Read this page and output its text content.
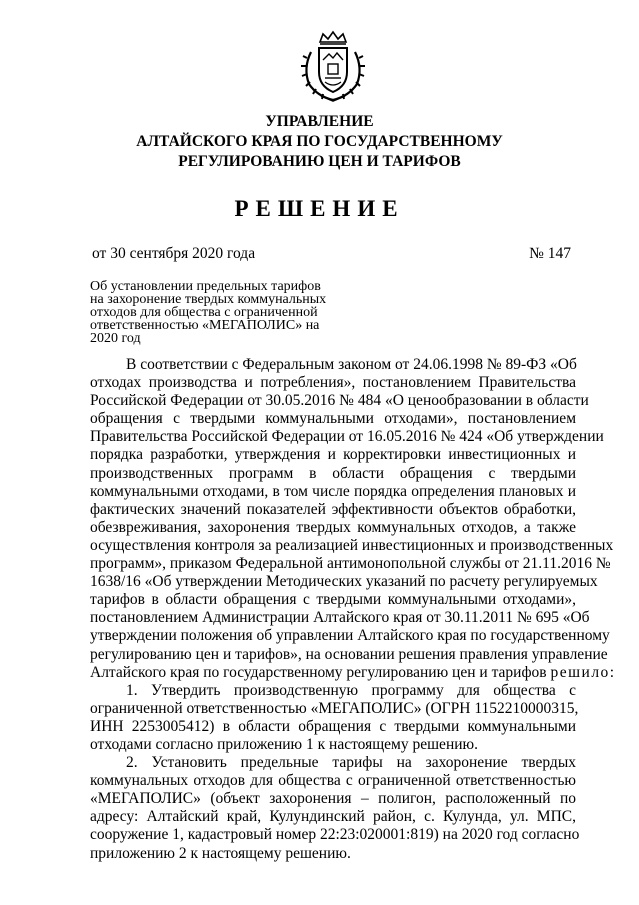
УПРАВЛЕНИЕ
АЛТАЙСКОГО КРАЯ ПО ГОСУДАРСТВЕННОМУ
РЕГУЛИРОВАНИЮ ЦЕН И ТАРИФОВ
РЕШЕНИЕ
от 30 сентября 2020 года	№ 147
Об установлении предельных тарифов
на захоронение твердых коммунальных
отходов для общества с ограниченной
ответственностью «МЕГАПОЛИС» на
2020 год
В соответствии с Федеральным законом от 24.06.1998 № 89-ФЗ «Об
отходах производства и потребления», постановлением Правительства
Российской Федерации от 30.05.2016 № 484 «О ценообразовании в области
обращения с твердыми коммунальными отходами», постановлением
Правительства Российской Федерации от 16.05.2016 № 424 «Об утверждении
порядка разработки, утверждения и корректировки инвестиционных и
производственных программ в области обращения с твердыми
коммунальными отходами, в том числе порядка определения плановых и
фактических значений показателей эффективности объектов обработки,
обезвреживания, захоронения твердых коммунальных отходов, а также
осуществления контроля за реализацией инвестиционных и производственных
программ», приказом Федеральной антимонопольной службы от 21.11.2016 №
1638/16 «Об утверждении Методических указаний по расчету регулируемых
тарифов в области обращения с твердыми коммунальными отходами»,
постановлением Администрации Алтайского края от 30.11.2011 № 695 «Об
утверждении положения об управлении Алтайского края по государственному
регулированию цен и тарифов», на основании решения правления управление
Алтайского края по государственному регулированию цен и тарифов решило:
1. Утвердить производственную программу для общества с
ограниченной ответственностью «МЕГАПОЛИС» (ОГРН 1152210000315,
ИНН 2253005412) в области обращения с твердыми коммунальными
отходами согласно приложению 1 к настоящему решению.
2. Установить предельные тарифы на захоронение твердых
коммунальных отходов для общества с ограниченной ответственностью
«МЕГАПОЛИС» (объект захоронения – полигон, расположенный по
адресу: Алтайский край, Кулундинский район, с. Кулунда, ул. МПС,
сооружение 1, кадастровый номер 22:23:020001:819) на 2020 год согласно
приложению 2 к настоящему решению.
